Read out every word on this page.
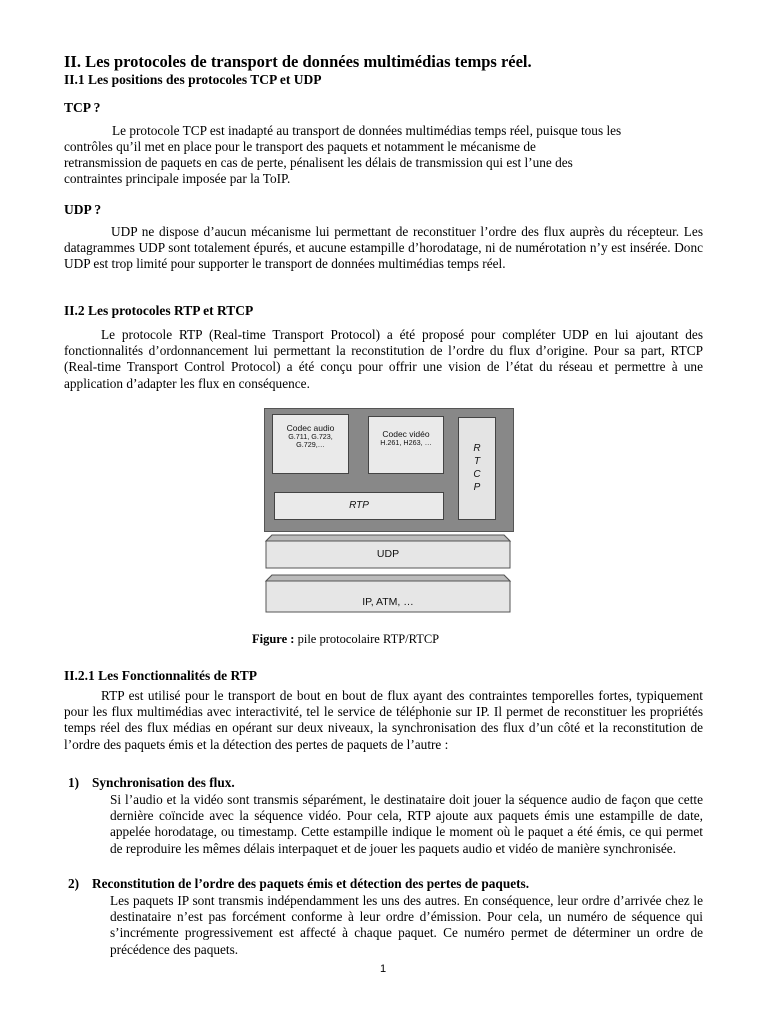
II. Les protocoles de transport de données multimédias temps réel.

II.1 Les positions des protocoles TCP et UDP

TCP ?

Le protocole TCP est inadapté au transport de données multimédias temps réel, puisque tous les

contrôles qu’il met en place pour le transport des paquets et notamment le mécanisme de

retransmission de paquets en cas de perte, pénalisent les délais de transmission qui est l’une des

contraintes principale imposée par la ToIP.

UDP ?

UDP ne dispose d’aucun mécanisme lui permettant de reconstituer l’ordre des flux auprès du récepteur. Les datagrammes UDP sont totalement épurés, et aucune estampille d’horodatage, ni de numérotation n’y est insérée. Donc UDP est trop limité pour supporter le transport de données multimédias temps réel.

II.2 Les protocoles RTP et RTCP

Le protocole RTP (Real-time Transport Protocol) a été proposé pour compléter UDP en lui ajoutant des fonctionnalités d’ordonnancement lui permettant la reconstitution de l’ordre du flux d’origine. Pour sa part, RTCP (Real-time Transport Control Protocol) a été conçu pour offrir une vision de l’état du réseau et permettre à une application d’adapter les flux en conséquence.

Codec audio
G.711, G.723, G.729,…
Codec vidéo
H.261, H263, …
R
T
C
P
RTP
UDP
IP, ATM, …

Figure : pile protocolaire RTP/RTCP

II.2.1 Les Fonctionnalités de RTP

RTP est utilisé pour le transport de bout en bout de flux ayant des contraintes temporelles fortes, typiquement pour les flux multimédias avec interactivité, tel le service de téléphonie sur IP. Il permet de reconstituer les propriétés temps réel des flux médias en opérant sur deux niveaux, la synchronisation des flux d’un côté et la reconstitution de l’ordre des paquets émis et la détection des pertes de paquets de l’autre :

1) Synchronisation des flux.

Si l’audio et la vidéo sont transmis séparément, le destinataire doit jouer la séquence audio de façon que cette dernière coïncide avec la séquence vidéo. Pour cela, RTP ajoute aux paquets émis une estampille de date, appelée horodatage, ou timestamp. Cette estampille indique le moment où le paquet a été émis, ce qui permet de reproduire les mêmes délais interpaquet et de jouer les paquets audio et vidéo de manière synchronisée.

2) Reconstitution de l’ordre des paquets émis et détection des pertes de paquets.

Les paquets IP sont transmis indépendamment les uns des autres. En conséquence, leur ordre d’arrivée chez le destinataire n’est pas forcément conforme à leur ordre d’émission. Pour cela, un numéro de séquence qui s’incrémente progressivement est affecté à chaque paquet. Ce numéro permet de déterminer un ordre de précédence des paquets.

1
